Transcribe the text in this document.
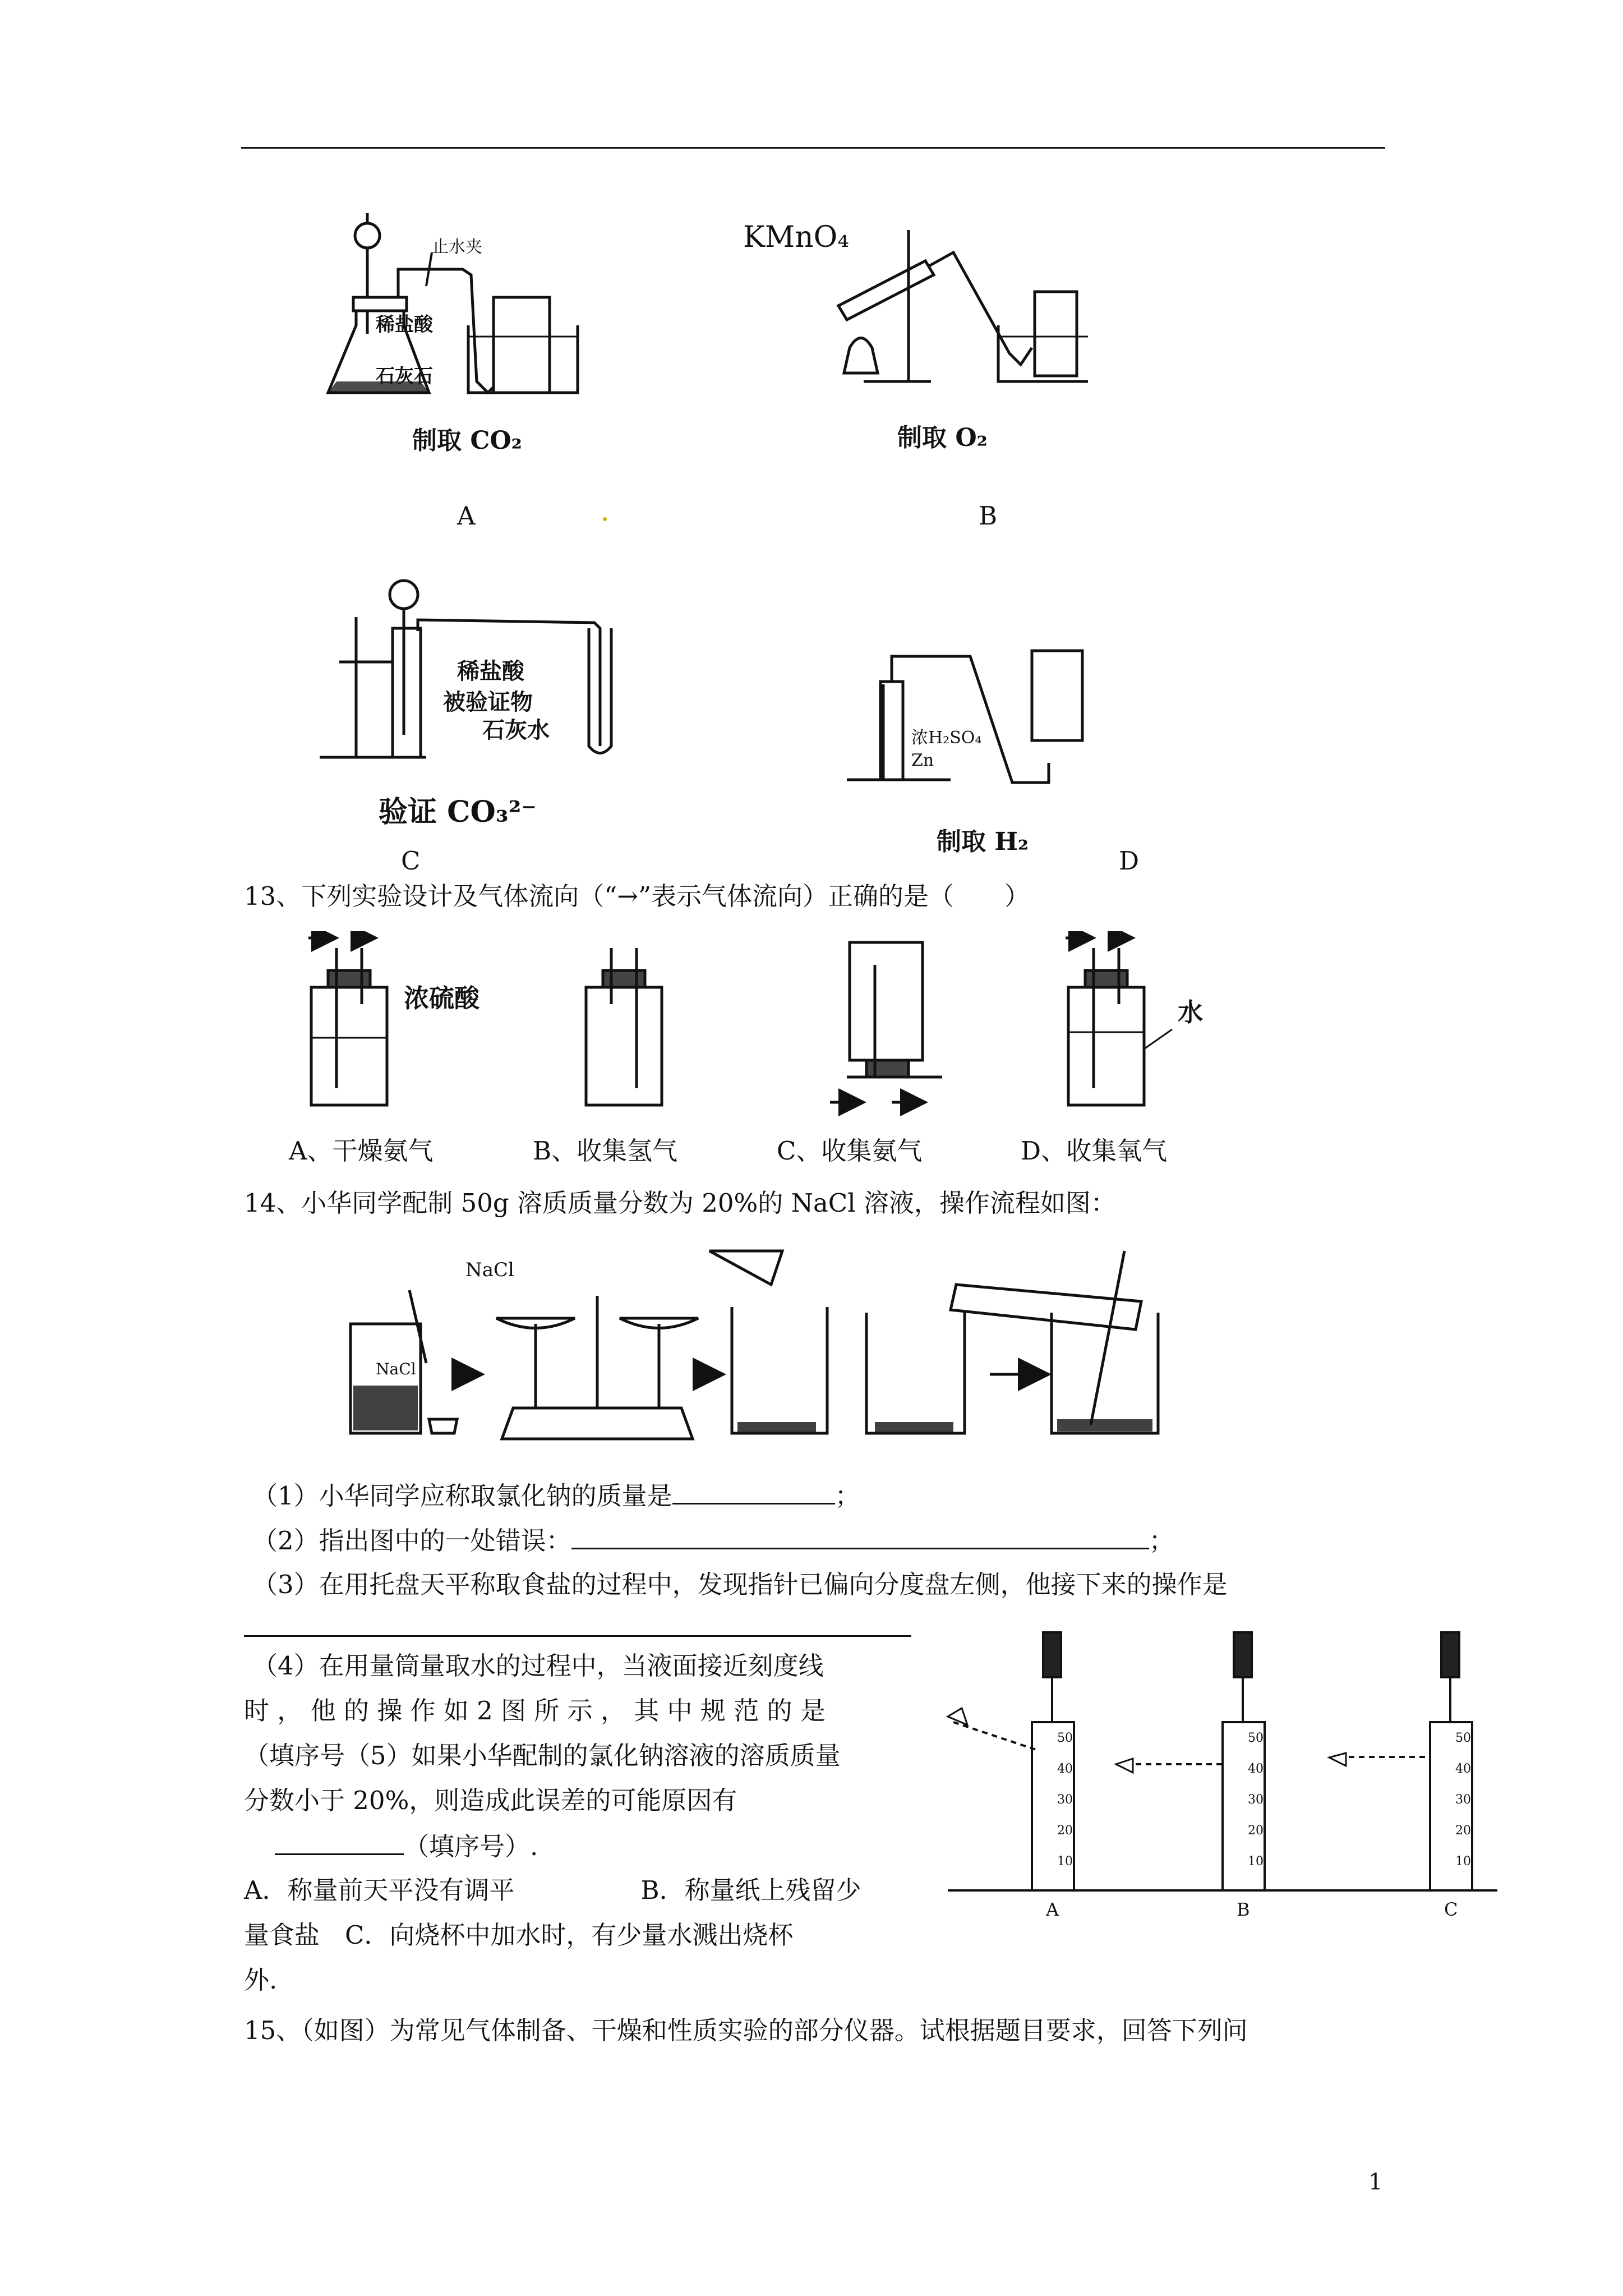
止水夹
稀盐酸
石灰石
制取 CO₂
A
KMnO₄
制取 O₂
B
稀盐酸
被验证物
石灰水
验证 CO₃²⁻
C
浓H₂SO₄
Zn
制取 H₂
D
13、下列实验设计及气体流向（“→”表示气体流向）正确的是（　　）
浓硫酸	水
A、干燥氨气	B、收集氢气	C、收集氨气	D、收集氧气
14、小华同学配制 50g 溶质质量分数为 20%的 NaCl 溶液，操作流程如图：
NaCl
NaCl
（1）小华同学应称取氯化钠的质量是	；
（2）指出图中的一处错误：	；
（3）在用托盘天平称取食盐的过程中，发现指针已偏向分度盘左侧，他接下来的操作是
（4）在用量筒量取水的过程中，当液面接近刻度线
时 ， 他 的 操 作 如 2 图 所 示 ， 其 中 规 范 的 是
（填序号（5）如果小华配制的氯化钠溶液的溶质质量
分数小于 20%，则造成此误差的可能原因有
（填序号）.
A．称量前天平没有调平　　　　　B．称量纸上残留少
量食盐　C．向烧杯中加水时，有少量水溅出烧杯
外.
50
40
30
20
10
50
40
30
20
10
50
40
30
20
10
A	B	C
15、（如图）为常见气体制备、干燥和性质实验的部分仪器。试根据题目要求，回答下列问
1
